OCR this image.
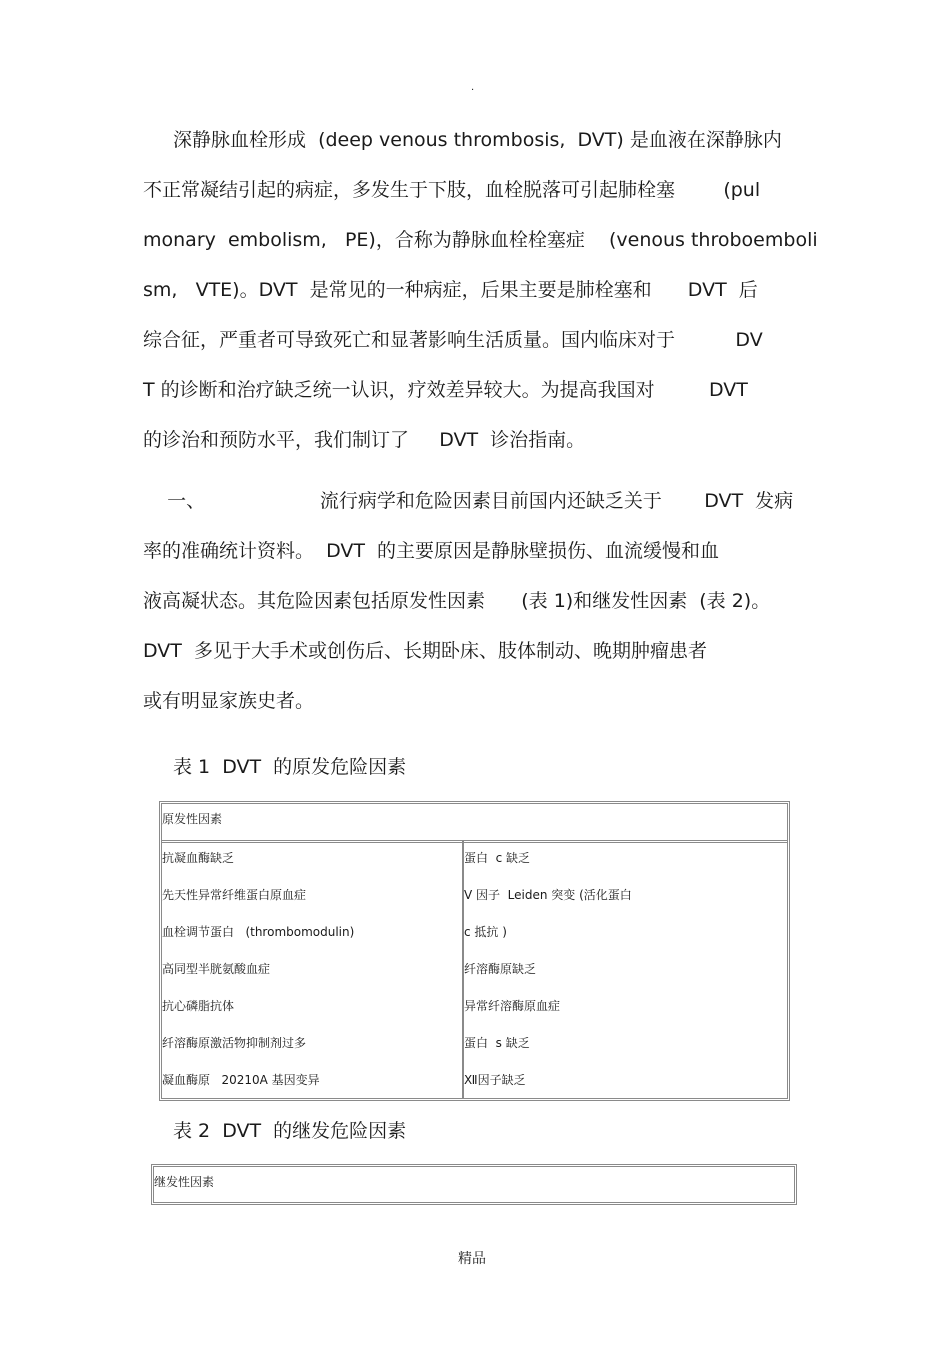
.
深静脉血栓形成  (deep venous thrombosis,  DVT) 是血液在深静脉内
不正常凝结引起的病症，多发生于下肢，血栓脱落可引起肺栓塞        (pul
monary  embolism,   PE)，合称为静脉血栓栓塞症    (venous throboemboli
sm,   VTE)。DVT  是常见的一种病症，后果主要是肺栓塞和      DVT  后
综合征，严重者可导致死亡和显著影响生活质量。国内临床对于          DV
T 的诊断和治疗缺乏统一认识，疗效差异较大。为提高我国对         DVT
的诊治和预防水平，我们制订了     DVT  诊治指南。
一、                   流行病学和危险因素目前国内还缺乏关于       DVT  发病
率的准确统计资料。  DVT  的主要原因是静脉壁损伤、血流缓慢和血
液高凝状态。其危险因素包括原发性因素      (表 1)和继发性因素  (表 2)。
DVT  多见于大手术或创伤后、长期卧床、肢体制动、晚期肿瘤患者
或有明显家族史者。
表 1  DVT  的原发危险因素
原发性因素
抗凝血酶缺乏
先天性异常纤维蛋白原血症
血栓调节蛋白   (thrombomodulin)
高同型半胱氨酸血症
抗心磷脂抗体
纤溶酶原激活物抑制剂过多
凝血酶原   20210A 基因变异
蛋白  c 缺乏
V 因子  Leiden 突变 (活化蛋白
c 抵抗 )
纤溶酶原缺乏
异常纤溶酶原血症
蛋白  s 缺乏
Ⅻ因子缺乏
表 2  DVT  的继发危险因素
继发性因素
精品
